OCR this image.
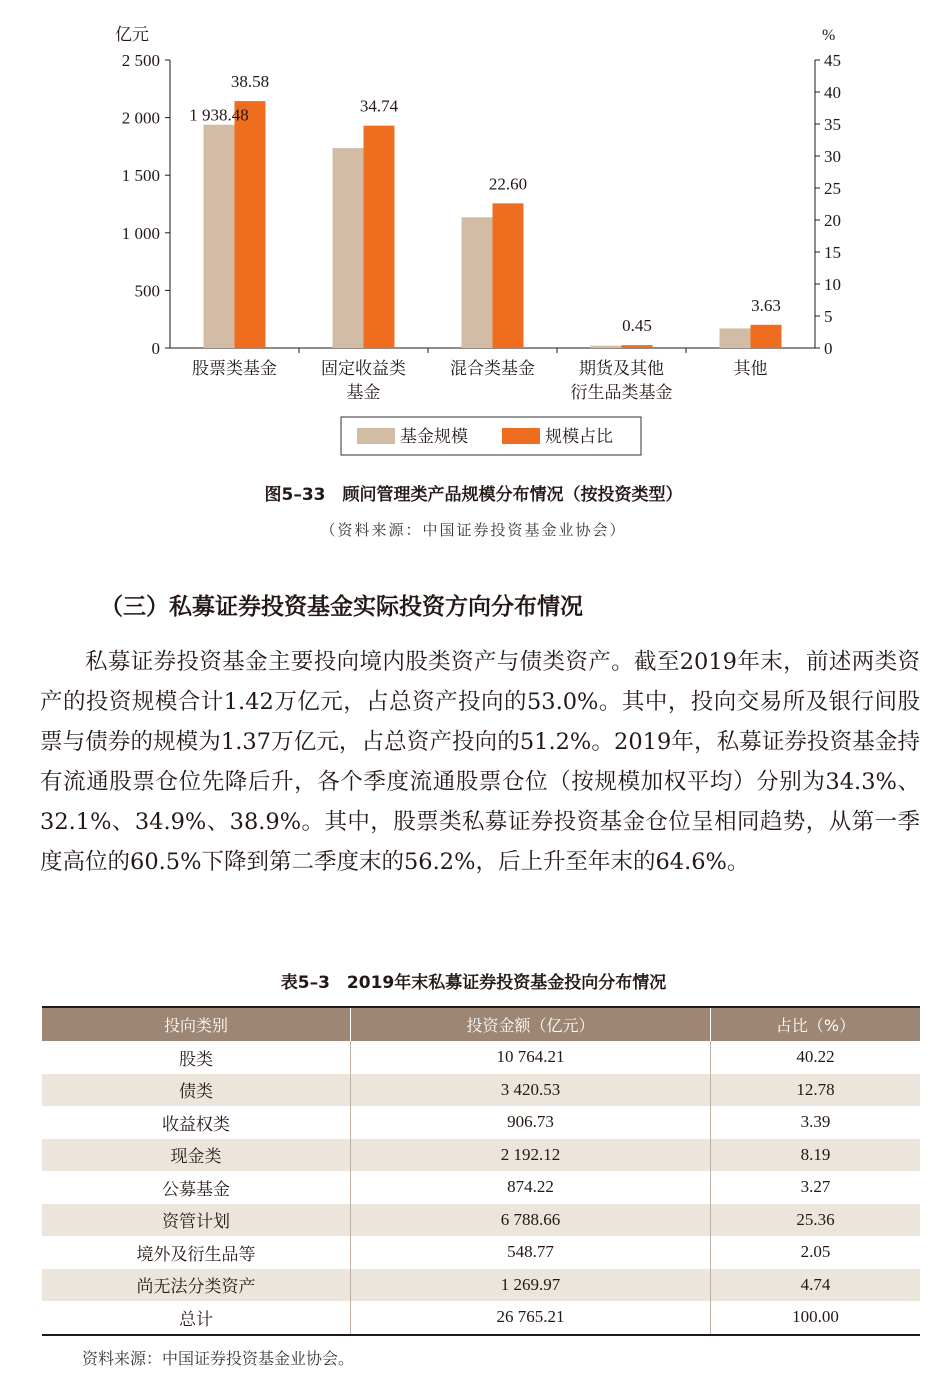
亿元	%
0
500
1 000
1 500
2 000
2 500
0
5
10
15
20
25
30
35
40
45
1 938.48
38.58
股票类基金
34.74
固定收益类
基金
22.60
混合类基金
0.45
期货及其他
衍生品类基金
3.63
其他
基金规模	规模占比
图5–33　顾问管理类产品规模分布情况（按投资类型）
（资料来源：中国证券投资基金业协会）
（三）私募证券投资基金实际投资方向分布情况

私募证券投资基金主要投向境内股类资产与债类资产。截至2019年末，前述两类资产的投资规模合计1.42万亿元，占总资产投向的53.0%。其中，投向交易所及银行间股票与债券的规模为1.37万亿元，占总资产投向的51.2%。2019年，私募证券投资基金持有流通股票仓位先降后升，各个季度流通股票仓位（按规模加权平均）分别为34.3%、32.1%、34.9%、38.9%。其中，股票类私募证券投资基金仓位呈相同趋势，从第一季度高位的60.5%下降到第二季度末的56.2%，后上升至年末的64.6%。

表5–3　2019年末私募证券投资基金投向分布情况
投向类别	投资金额（亿元）	占比（%）
股类	10 764.21	40.22
债类	3 420.53	12.78
收益权类	906.73	3.39
现金类	2 192.12	8.19
公募基金	874.22	3.27
资管计划	6 788.66	25.36
境外及衍生品等	548.77	2.05
尚无法分类资产	1 269.97	4.74
总计	26 765.21	100.00
资料来源：中国证券投资基金业协会。
